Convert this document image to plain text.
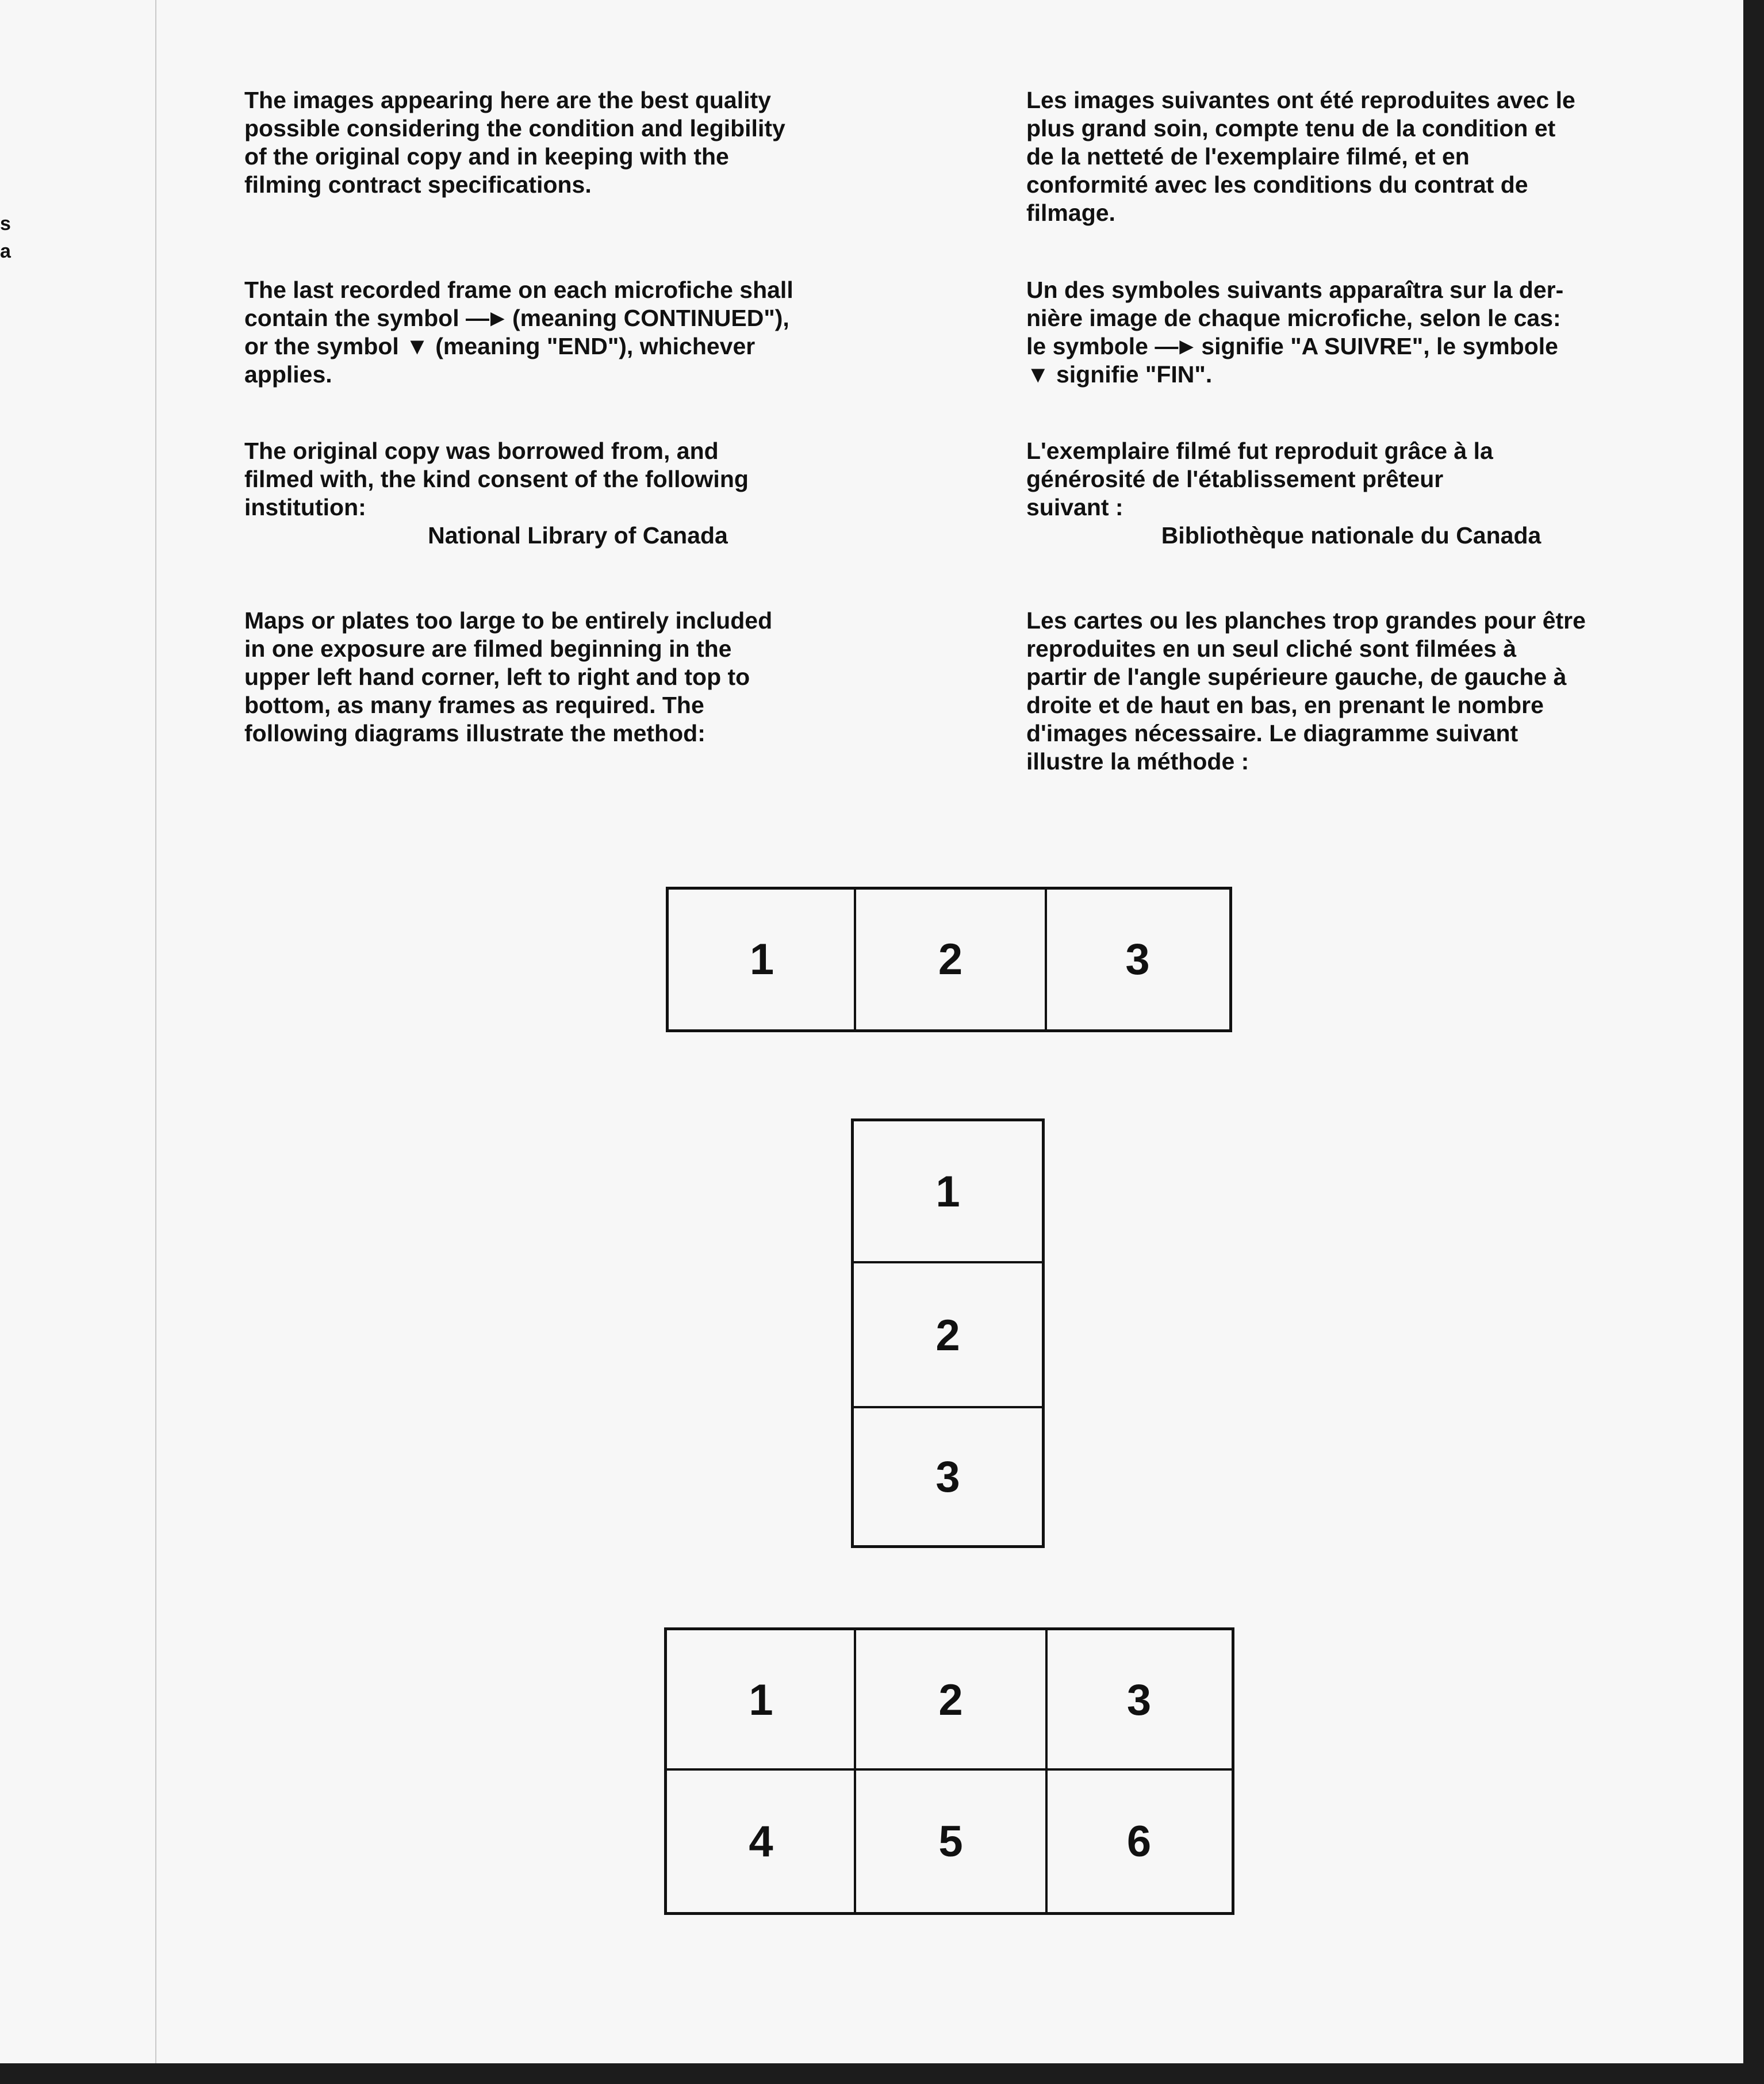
s
a

The images appearing here are the best quality
possible considering the condition and legibility
of the original copy and in keeping with the
filming contract specifications.

The last recorded frame on each microfiche shall

contain the symbol —► (meaning CONTINUED"),

or the symbol ▼ (meaning "END"), whichever

applies.

The original copy was borrowed from, and
filmed with, the kind consent of the following
institution:

National Library of Canada

Maps or plates too large to be entirely included
in one exposure are filmed beginning in the
upper left hand corner, left to right and top to
bottom, as many frames as required. The
following diagrams illustrate the method:

Les images suivantes ont été reproduites avec le
plus grand soin, compte tenu de la condition et
de la netteté de l'exemplaire filmé, et en
conformité avec les conditions du contrat de
filmage.

Un des symboles suivants apparaîtra sur la der-

nière image de chaque microfiche, selon le cas:

le symbole —► signifie "A SUIVRE", le symbole

▼ signifie "FIN".

L'exemplaire filmé fut reproduit grâce à la
générosité de l'établissement prêteur
suivant :

Bibliothèque nationale du Canada

Les cartes ou les planches trop grandes pour être
reproduites en un seul cliché sont filmées à
partir de l'angle supérieure gauche, de gauche à
droite et de haut en bas, en prenant le nombre
d'images nécessaire. Le diagramme suivant
illustre la méthode :

1	2	3
1
2
3
1	2	3
4	5	6
